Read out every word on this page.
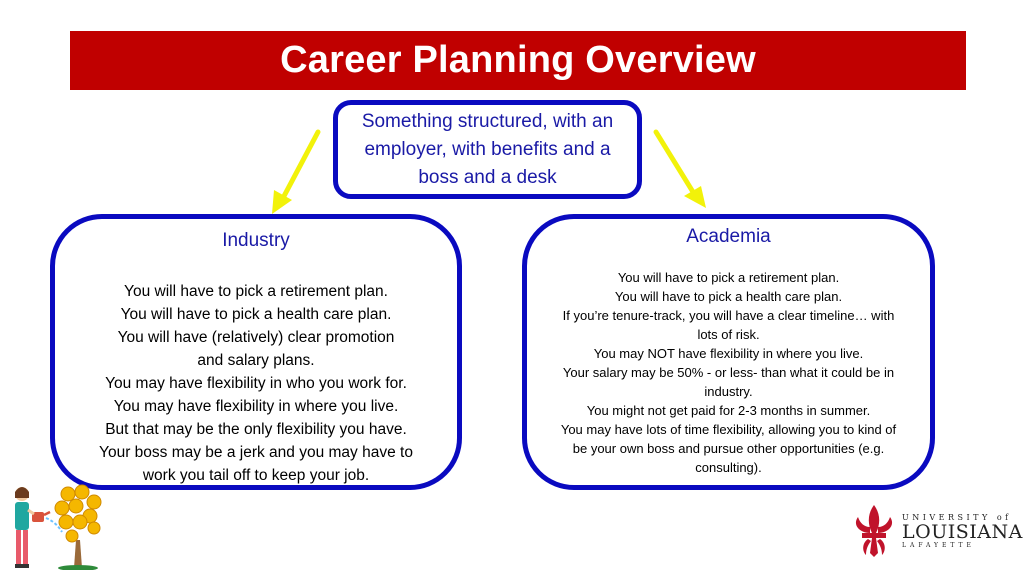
Career Planning Overview
Something structured, with an employer, with benefits and a boss and a desk

Industry

You will have to pick a retirement plan.
You will have to pick a health care plan.
You will have (relatively) clear promotion and salary plans.
You may have flexibility in who you work for.
You may have flexibility in where you live.
But that may be the only flexibility you have.
Your boss may be a jerk and you may have to work you tail off to keep your job.

Academia

You will have to pick a retirement plan.
You will have to pick a health care plan.
If you’re tenure-track, you will have a clear timeline… with lots of risk.
You may NOT have flexibility in where you live.
Your salary may be 50% - or less- than what it could be in industry.
You might not get paid for 2-3 months in summer.
You may have lots of time flexibility, allowing you to kind of be your own boss and pursue other opportunities (e.g. consulting).
UNIVERSITY of
LOUISIANA
LAFAYETTE
